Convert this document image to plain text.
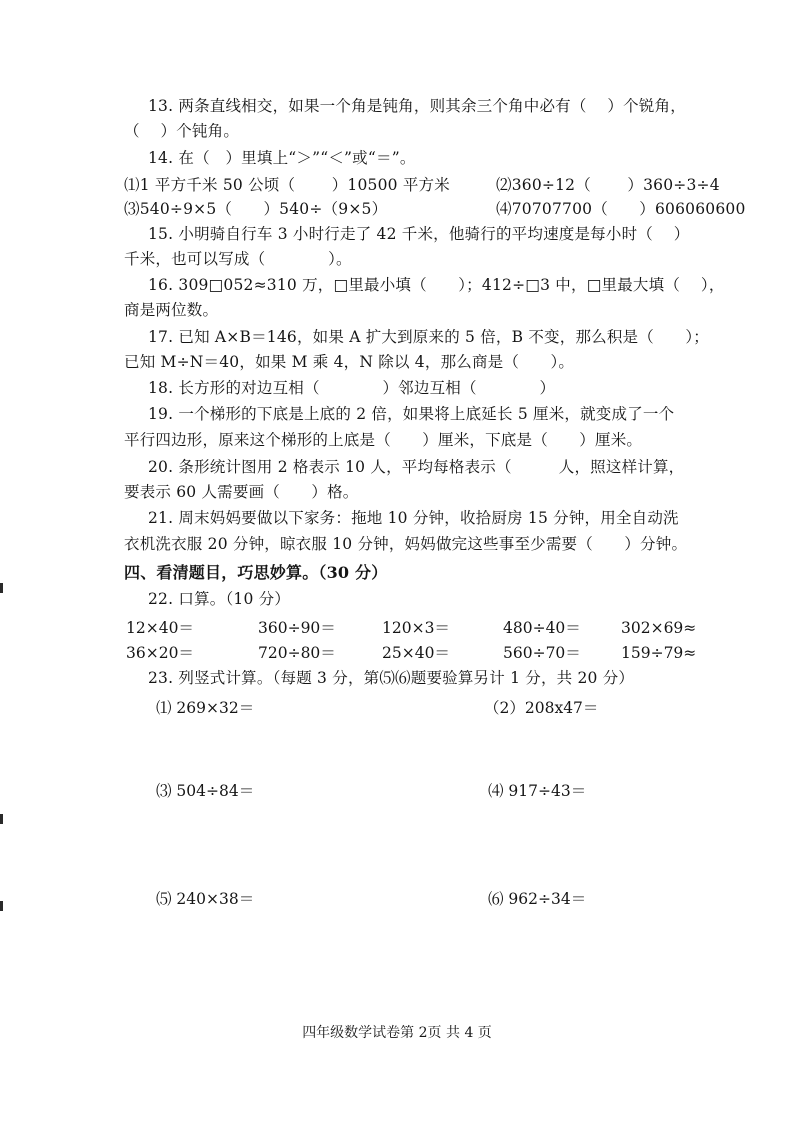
13. 两条直线相交，如果一个角是钝角，则其余三个角中必有（　 ）个锐角，
（　 ）个钝角。
14. 在（　）里填上“＞”“＜”或“＝”。
⑴1 平方千米 50 公顷（　　 ）10500 平方米	⑵360÷12（　　 ）360÷3÷4
⑶540÷9×5（　　）540÷（9×5）	⑷70707700（　　）606060600
15. 小明骑自行车 3 小时行走了 42 千米，他骑行的平均速度是每小时（　 ）
千米，也可以写成（　　　　）。
16. 309□052≈310 万，□里最小填（　　）；412÷□3 中，□里最大填（　 ），
商是两位数。
17. 已知 A×B＝146，如果 A 扩大到原来的 5 倍，B 不变，那么积是（　　）；
已知 M÷N＝40，如果 M 乘 4，N 除以 4，那么商是（　　）。
18. 长方形的对边互相（　　　　）邻边互相（　　　　）
19. 一个梯形的下底是上底的 2 倍，如果将上底延长 5 厘米，就变成了一个
平行四边形，原来这个梯形的上底是（　　）厘米，下底是（　　）厘米。
20. 条形统计图用 2 格表示 10 人，平均每格表示（　　　人，照这样计算，
要表示 60 人需要画（　　）格。
21. 周末妈妈要做以下家务：拖地 10 分钟，收拾厨房 15 分钟，用全自动洗
衣机洗衣服 20 分钟，晾衣服 10 分钟，妈妈做完这些事至少需要（　　）分钟。
四、看清题目，巧思妙算。（30 分）
22. 口算。（10 分）
12×40＝	360÷90＝	120×3＝	480÷40＝	302×69≈
36×20＝	720÷80＝	25×40＝	560÷70＝	159÷79≈
23. 列竖式计算。（每题 3 分，第⑸⑹题要验算另计 1 分，共 20 分）
⑴ 269×32＝	（2）208x47＝
⑶ 504÷84＝	⑷ 917÷43＝
⑸ 240×38＝	⑹ 962÷34＝
四年级数学试卷第 2页 共 4 页
